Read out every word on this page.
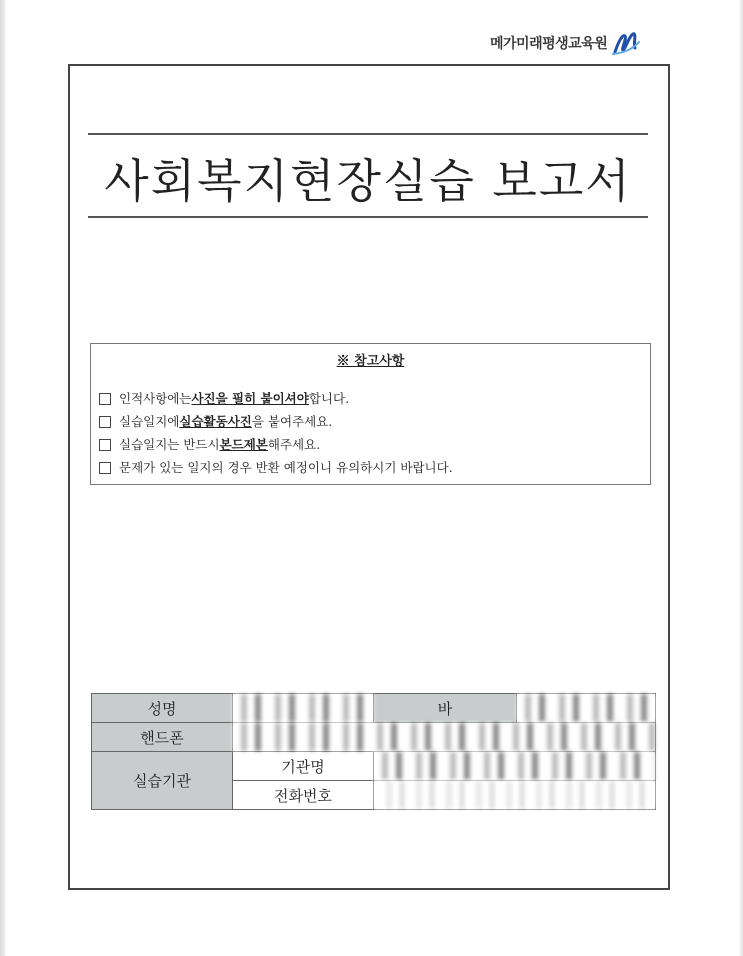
메가미래평생교육원
사회복지현장실습 보고서
※ 참고사항
인적사항에는 사진을 필히 붙이셔야 합니다.
실습일지에 실습활동사진 을 붙여주세요.
실습일지는 반드시 본드제본 해주세요.
문제가 있는 일지의 경우 반환 예정이니 유의하시기 바랍니다.
성명		바	

핸드폰			

실습기관	기관명		

	전화번호		
